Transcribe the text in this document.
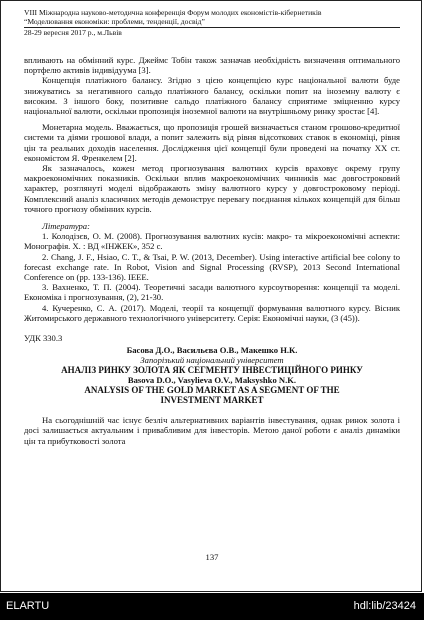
VIII Міжнародна науково-методична конференція Форум молодих економістів-кібернетиків
“Моделювання економіки: проблеми, тенденції, досвід”
28-29 вересня 2017 р., м.Львів

впливають на обмінний курс. Джеймс Тобін також зазначав необхідність визначення оптимального портфелю активів індивідуума [3].

Концепція платіжного балансу. Згідно з цією концепцією курс національної валюти буде знижуватись за негативного сальдо платіжного балансу, оскільки попит на іноземну валюту є високим. З іншого боку, позитивне сальдо платіжного балансу сприятиме зміцненню курсу національної валюти, оскільки пропозиція іноземної валюти на внутрішньому ринку зростає [4].

Монетарна модель. Вважається, що пропозиція грошей визначається станом грошово-кредитної системи та діями грошової влади, а попит залежить від рівня відсоткових ставок в економіці, рівня цін та реальних доходів населення. Дослідження цієї концепції були проведені на початку XX ст. економістом Я. Френкелем [2].

Як зазначалось, кожен метод прогнозування валютних курсів враховує окрему групу макроекономічних показників. Оскільки вплив макроекономічних чинників має довгостроковий характер, розглянуті моделі відображають зміну валютного курсу у довгостроковому періоді. Комплексний аналіз класичних методів демонструє перевагу поєднання кількох концепцій для більш точного прогнозу обмінних курсів.

Література:
1. Колодізєв, О. М. (2008). Прогнозування валютних кусів: макро- та мікроекономічні аспекти: Монографія. Х. : ВД «ІНЖЕК», 352 с.
2. Chang, J. F., Hsiao, C. T., & Tsai, P. W. (2013, December). Using interactive artificial bee colony to forecast exchange rate. In Robot, Vision and Signal Processing (RVSP), 2013 Second International Conference on (pp. 133-136). IEEE.
3. Вахненко, Т. П. (2004). Теоретичні засади валютного курсоутворення: концепції та моделі. Економіка і прогнозування, (2), 21-30.
4. Кучеренко, С. А. (2017). Моделі, теорії та концепції формування валютного курсу. Вісник Житомирського державного технологічного університету. Серія: Економічні науки, (3 (45)).
УДК 330.3
Басова Д.О., Васильєва О.В., Макешко Н.К.
Запорізький національний університет
АНАЛІЗ РИНКУ ЗОЛОТА ЯК СЕГМЕНТУ ІНВЕСТИЦІЙНОГО РИНКУ
Basova D.O., Vasylieva O.V., Maksyshko N.K.
ANALYSIS OF THE GOLD MARKET AS A SEGMENT OF THE
INVESTMENT MARKET

На сьогоднішній час існує безліч альтернативних варіантів інвестування, однак ринок золота і досі залишається актуальним і привабливим для інвесторів. Метою даної роботи є аналіз динаміки цін та прибутковості золота

137
ELARTU	hdl:lib/23424
